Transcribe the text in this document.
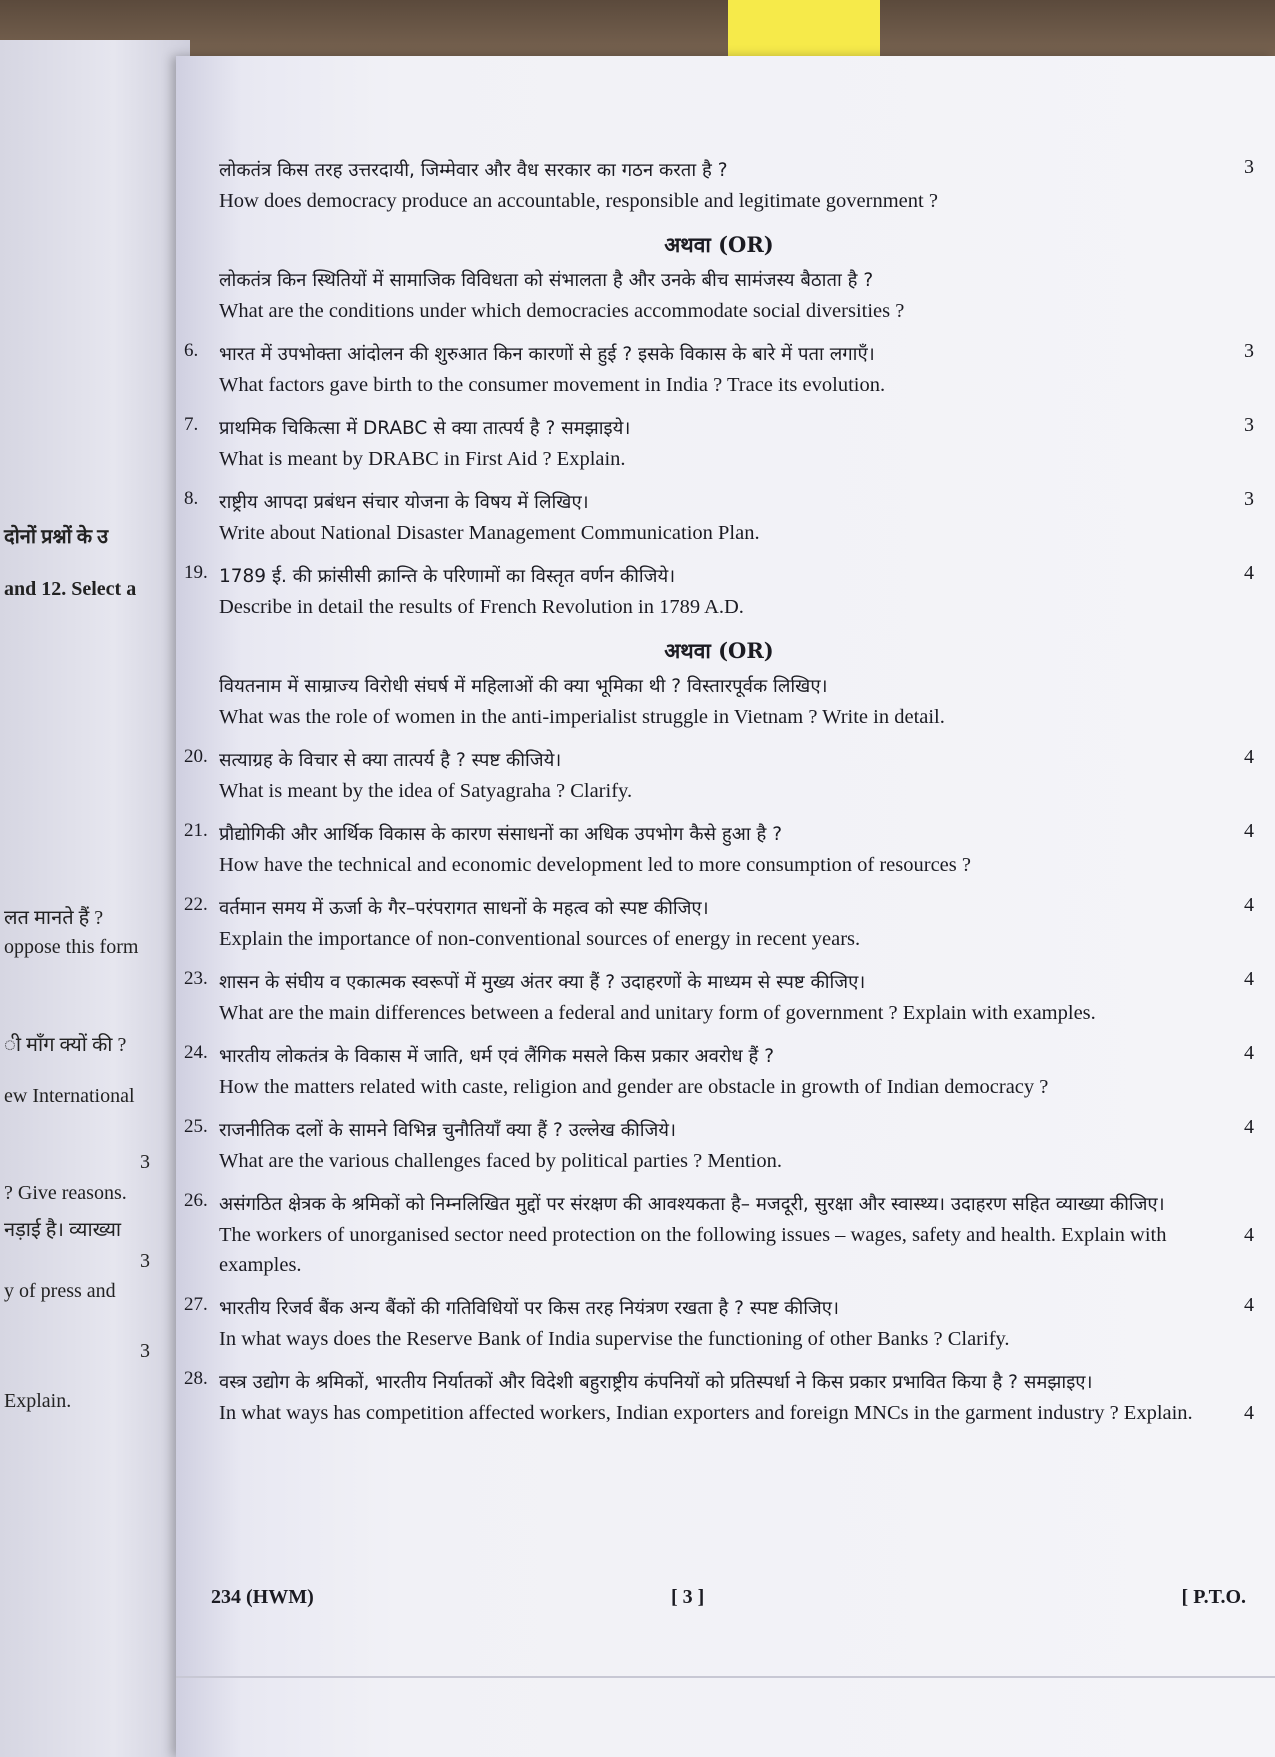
दोनों प्रश्नों के उ
and 12. Select a
लत मानते हैं ?
oppose this form
ी माँग क्यों की ?
ew International
3
? Give reasons.
नड़ाई है। व्याख्या
3
y of press and
3
Explain.
लोकतंत्र किस तरह उत्तरदायी, जिम्मेवार और वैध सरकार का गठन करता है ?
How does democracy produce an accountable, responsible and legitimate government ?
3
अथवा (OR)
लोकतंत्र किन स्थितियों में सामाजिक विविधता को संभालता है और उनके बीच सामंजस्य बैठाता है ?
What are the conditions under which democracies accommodate social diversities ?
6. भारत में उपभोक्ता आंदोलन की शुरुआत किन कारणों से हुई ? इसके विकास के बारे में पता लगाएँ।
What factors gave birth to the consumer movement in India ? Trace its evolution.
3
7. प्राथमिक चिकित्सा में DRABC से क्या तात्पर्य है ? समझाइये।
What is meant by DRABC in First Aid ? Explain.
3
8. राष्ट्रीय आपदा प्रबंधन संचार योजना के विषय में लिखिए।
Write about National Disaster Management Communication Plan.
3
19. 1789 ई. की फ्रांसीसी क्रान्ति के परिणामों का विस्तृत वर्णन कीजिये।
Describe in detail the results of French Revolution in 1789 A.D.
4
अथवा (OR)
वियतनाम में साम्राज्य विरोधी संघर्ष में महिलाओं की क्या भूमिका थी ? विस्तारपूर्वक लिखिए।
What was the role of women in the anti-imperialist struggle in Vietnam ? Write in detail.
20. सत्याग्रह के विचार से क्या तात्पर्य है ? स्पष्ट कीजिये।
What is meant by the idea of Satyagraha ? Clarify.
4
21. प्रौद्योगिकी और आर्थिक विकास के कारण संसाधनों का अधिक उपभोग कैसे हुआ है ?
How have the technical and economic development led to more consumption of resources ?
4
22. वर्तमान समय में ऊर्जा के गैर–परंपरागत साधनों के महत्व को स्पष्ट कीजिए।
Explain the importance of non-conventional sources of energy in recent years.
4
23. शासन के संघीय व एकात्मक स्वरूपों में मुख्य अंतर क्या हैं ? उदाहरणों के माध्यम से स्पष्ट कीजिए।
What are the main differences between a federal and unitary form of government ? Explain with examples.
4
24. भारतीय लोकतंत्र के विकास में जाति, धर्म एवं लैंगिक मसले किस प्रकार अवरोध हैं ?
How the matters related with caste, religion and gender are obstacle in growth of Indian democracy ?
4
25. राजनीतिक दलों के सामने विभिन्न चुनौतियाँ क्या हैं ? उल्लेख कीजिये।
What are the various challenges faced by political parties ? Mention.
4
26. असंगठित क्षेत्रक के श्रमिकों को निम्नलिखित मुद्दों पर संरक्षण की आवश्यकता है– मजदूरी, सुरक्षा और स्वास्थ्य। उदाहरण सहित व्याख्या कीजिए।
The workers of unorganised sector need protection on the following issues – wages, safety and health. Explain with examples.
4
27. भारतीय रिजर्व बैंक अन्य बैंकों की गतिविधियों पर किस तरह नियंत्रण रखता है ? स्पष्ट कीजिए।
In what ways does the Reserve Bank of India supervise the functioning of other Banks ? Clarify.
4
28. वस्त्र उद्योग के श्रमिकों, भारतीय निर्यातकों और विदेशी बहुराष्ट्रीय कंपनियों को प्रतिस्पर्धा ने किस प्रकार प्रभावित किया है ? समझाइए।
In what ways has competition affected workers, Indian exporters and foreign MNCs in the garment industry ? Explain.	4
234 (HWM)	[ 3 ]	[ P.T.O.
